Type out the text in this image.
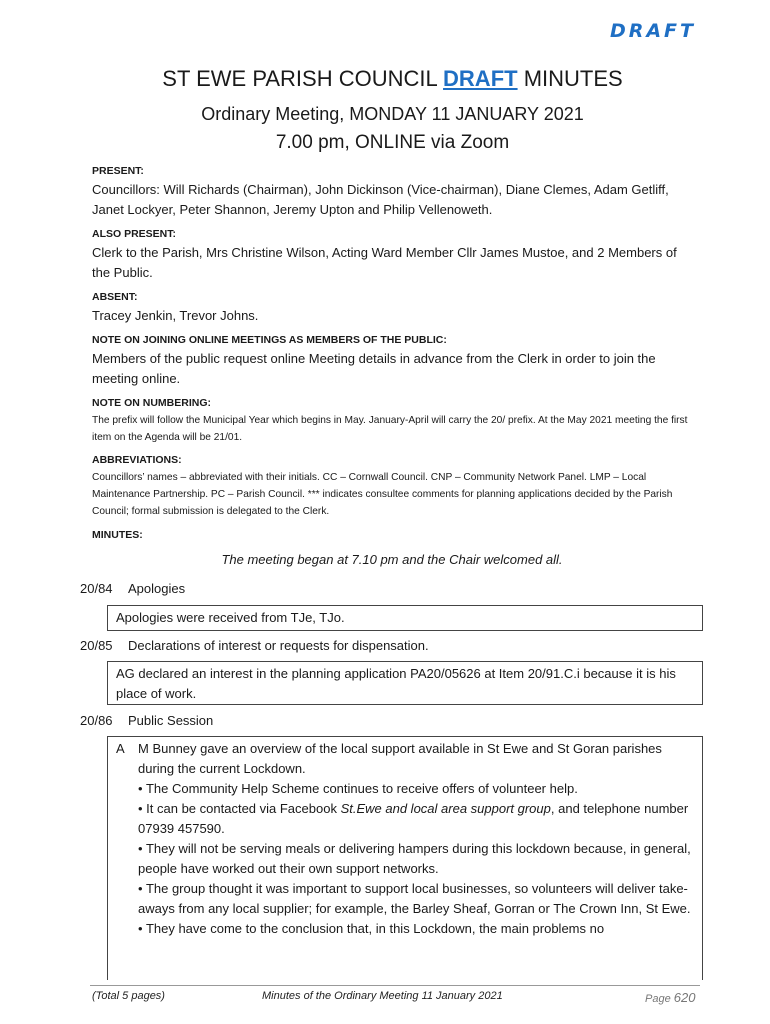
DRAFT
ST EWE PARISH COUNCIL DRAFT MINUTES
Ordinary Meeting, MONDAY 11 JANUARY 2021
7.00 pm, ONLINE via Zoom

PRESENT:

Councillors: Will Richards (Chairman), John Dickinson (Vice-chairman), Diane Clemes, Adam Getliff, Janet Lockyer, Peter Shannon, Jeremy Upton and Philip Vellenoweth.

ALSO PRESENT:

Clerk to the Parish, Mrs Christine Wilson, Acting Ward Member Cllr James Mustoe, and 2 Members of the Public.

ABSENT:

Tracey Jenkin, Trevor Johns.

NOTE ON JOINING ONLINE MEETINGS AS MEMBERS OF THE PUBLIC:

Members of the public request online Meeting details in advance from the Clerk in order to join the meeting online.

NOTE ON NUMBERING:

The prefix will follow the Municipal Year which begins in May. January-April will carry the 20/ prefix. At the May 2021 meeting the first item on the Agenda will be 21/01.

ABBREVIATIONS:

Councillors’ names – abbreviated with their initials. CC – Cornwall Council. CNP – Community Network Panel. LMP – Local Maintenance Partnership. PC – Parish Council. *** indicates consultee comments for planning applications decided by the Parish Council; formal submission is delegated to the Clerk.

MINUTES:

The meeting began at 7.10 pm and the Chair welcomed all.

20/84 Apologies
Apologies were received from TJe, TJo.
20/85 Declarations of interest or requests for dispensation.
AG declared an interest in the planning application PA20/05626 at Item 20/91.C.i because it is his place of work.
20/86 Public Session
A M Bunney gave an overview of the local support available in St Ewe and St Goran parishes during the current Lockdown.
• The Community Help Scheme continues to receive offers of volunteer help.
• It can be contacted via Facebook St.Ewe and local area support group, and telephone number 07939 457590.
• They will not be serving meals or delivering hampers during this lockdown because, in general, people have worked out their own support networks.
• The group thought it was important to support local businesses, so volunteers will deliver take-aways from any local supplier; for example, the Barley Sheaf, Gorran or The Crown Inn, St Ewe.
• They have come to the conclusion that, in this Lockdown, the main problems no
(Total 5 pages)	Minutes of the Ordinary Meeting 11 January 2021	Page 620
